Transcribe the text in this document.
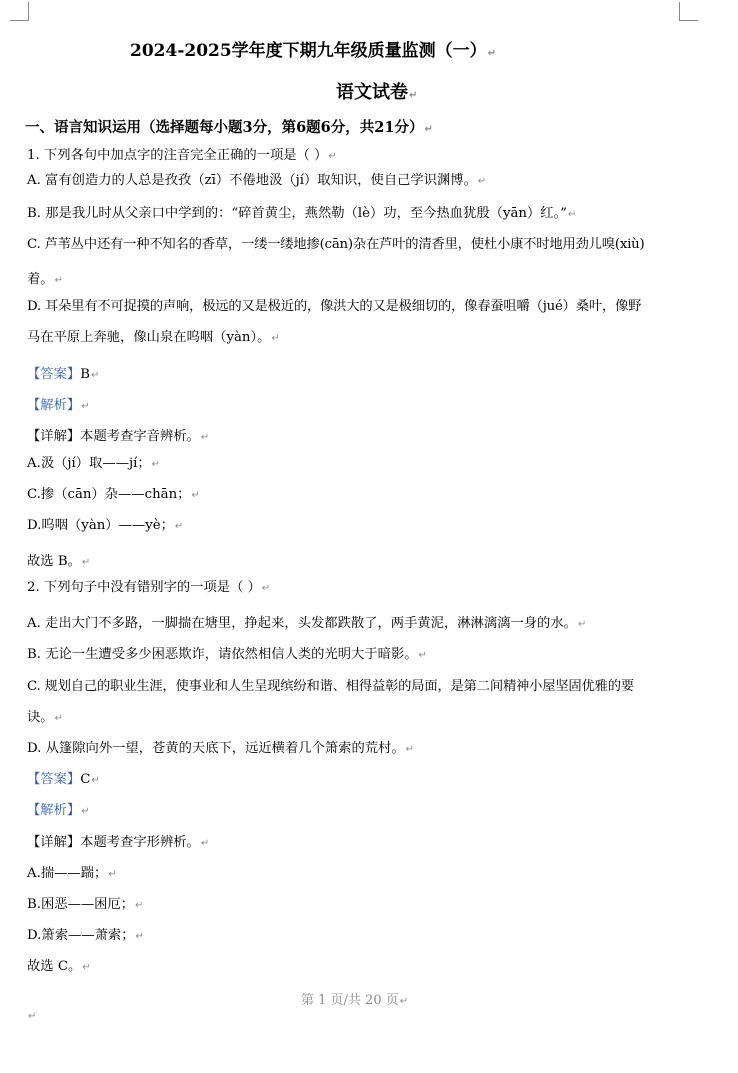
2024-2025学年度下期九年级质量监测（一）↵
语文试卷↵
一、语言知识运用（选择题每小题3分，第6题6分，共21分）↵
1. 下列各句中加点字的注音完全正确的一项是（ ）↵
A. 富有创造力的人总是孜孜（zī）不倦地汲（jí）取知识，使自己学识渊博。↵
B. 那是我儿时从父亲口中学到的：“碎首黄尘，燕然勒（lè）功，至今热血犹殷（yān）红。”↵
C. 芦苇丛中还有一种不知名的香草，一缕一缕地掺(cān)杂在芦叶的清香里，使杜小康不时地用劲儿嗅(xiù)
着。↵
D. 耳朵里有不可捉摸的声响，极远的又是极近的，像洪大的又是极细切的，像春蚕咀嚼（jué）桑叶，像野
马在平原上奔驰，像山泉在呜咽（yàn）。↵
【答案】B↵
【解析】↵
【详解】本题考查字音辨析。↵
A.汲（jí）取——jí；↵
C.掺（cān）杂——chān；↵
D.呜咽（yàn）——yè；↵
故选 B。↵
2. 下列句子中没有错别字的一项是（ ）↵
A. 走出大门不多路，一脚揣在塘里，挣起来，头发都跌散了，两手黄泥，淋淋漓漓一身的水。↵
B. 无论一生遭受多少困恶欺诈，请依然相信人类的光明大于暗影。↵
C. 规划自己的职业生涯，使事业和人生呈现缤纷和谐、相得益彰的局面，是第二间精神小屋坚固优雅的要
诀。↵
D. 从篷隙向外一望，苍黄的天底下，远近横着几个箫索的荒村。↵
【答案】C↵
【解析】↵
【详解】本题考查字形辨析。↵
A.揣——踹；↵
B.困恶——困厄；↵
D.箫索——萧索；↵
故选 C。↵
第 1 页/共 20 页↵
↵
